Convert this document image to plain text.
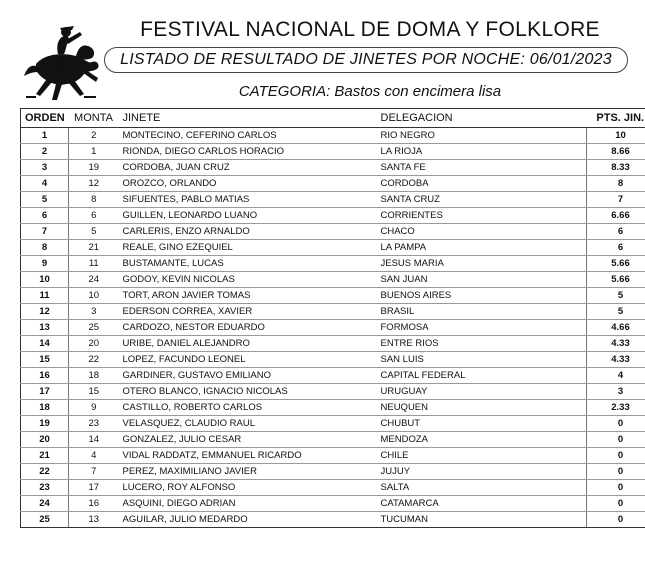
FESTIVAL NACIONAL DE DOMA Y FOLKLORE
LISTADO DE RESULTADO DE JINETES POR NOCHE: 06/01/2023
CATEGORIA: Bastos con encimera lisa
ORDEN	MONTA	JINETE	DELEGACION		PTS. JIN.
1	2	MONTECINO, CEFERINO CARLOS	RIO NEGRO		10
2	1	RIONDA, DIEGO CARLOS HORACIO	LA RIOJA		8.66
3	19	CORDOBA, JUAN CRUZ	SANTA FE		8.33
4	12	OROZCO, ORLANDO	CORDOBA		8
5	8	SIFUENTES, PABLO MATIAS	SANTA CRUZ		7
6	6	GUILLEN, LEONARDO LUANO	CORRIENTES		6.66
7	5	CARLERIS, ENZO ARNALDO	CHACO		6
8	21	REALE, GINO EZEQUIEL	LA PAMPA		6
9	11	BUSTAMANTE, LUCAS	JESUS MARIA		5.66
10	24	GODOY, KEVIN NICOLAS	SAN JUAN		5.66
11	10	TORT, ARON JAVIER TOMAS	BUENOS AIRES		5
12	3	EDERSON CORREA, XAVIER	BRASIL		5
13	25	CARDOZO, NESTOR EDUARDO	FORMOSA		4.66
14	20	URIBE, DANIEL ALEJANDRO	ENTRE RIOS		4.33
15	22	LOPEZ, FACUNDO LEONEL	SAN LUIS		4.33
16	18	GARDINER, GUSTAVO EMILIANO	CAPITAL FEDERAL		4
17	15	OTERO BLANCO, IGNACIO NICOLAS	URUGUAY		3
18	9	CASTILLO, ROBERTO CARLOS	NEUQUEN		2.33
19	23	VELASQUEZ, CLAUDIO RAUL	CHUBUT		0
20	14	GONZALEZ, JULIO CESAR	MENDOZA		0
21	4	VIDAL RADDATZ, EMMANUEL RICARDO	CHILE		0
22	7	PEREZ, MAXIMILIANO JAVIER	JUJUY		0
23	17	LUCERO, ROY ALFONSO	SALTA		0
24	16	ASQUINI, DIEGO ADRIAN	CATAMARCA		0
25	13	AGUILAR, JULIO MEDARDO	TUCUMAN		0
